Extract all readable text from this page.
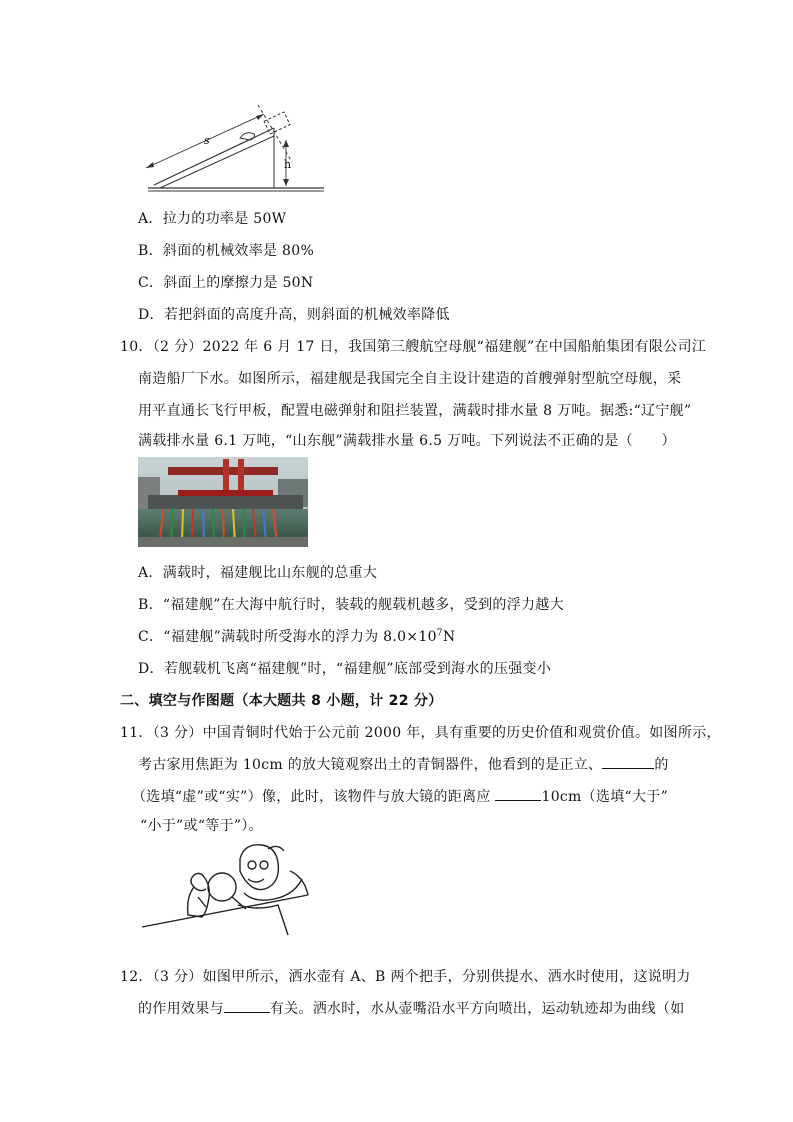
s
h
A．拉力的功率是 50W
B．斜面的机械效率是 80%
C．斜面上的摩擦力是 50N
D．若把斜面的高度升高，则斜面的机械效率降低
10．（2 分）2022 年 6 月 17 日，我国第三艘航空母舰“福建舰”在中国船舶集团有限公司江
南造船厂下水。如图所示，福建舰是我国完全自主设计建造的首艘弹射型航空母舰，采
用平直通长飞行甲板，配置电磁弹射和阻拦装置，满载时排水量 8 万吨。据悉:“辽宁舰”
满载排水量 6.1 万吨，“山东舰”满载排水量 6.5 万吨。下列说法不正确的是（　　）
A．满载时，福建舰比山东舰的总重大
B．“福建舰”在大海中航行时，装载的舰载机越多，受到的浮力越大
C．“福建舰”满载时所受海水的浮力为 $8.0\times 10^7N$
D．若舰载机飞离“福建舰”时，“福建舰”底部受到海水的压强变小
二、填空与作图题（本大题共 8 小题，计 22 分）
11．（3 分）中国青铜时代始于公元前 2000 年，具有重要的历史价值和观赏价值。如图所示，
考古家用焦距为 10cm 的放大镜观察出土的青铜器件，他看到的是正立、	的
（选填“虚”或“实”）像，此时，该物件与放大镜的距离应	10cm（选填“大于”
“小于”或“等于”）。
12．（3 分）如图甲所示，洒水壶有 A、B 两个把手，分别供提水、洒水时使用，这说明力
的作用效果与	有关。洒水时，水从壶嘴沿水平方向喷出，运动轨迹却为曲线（如
